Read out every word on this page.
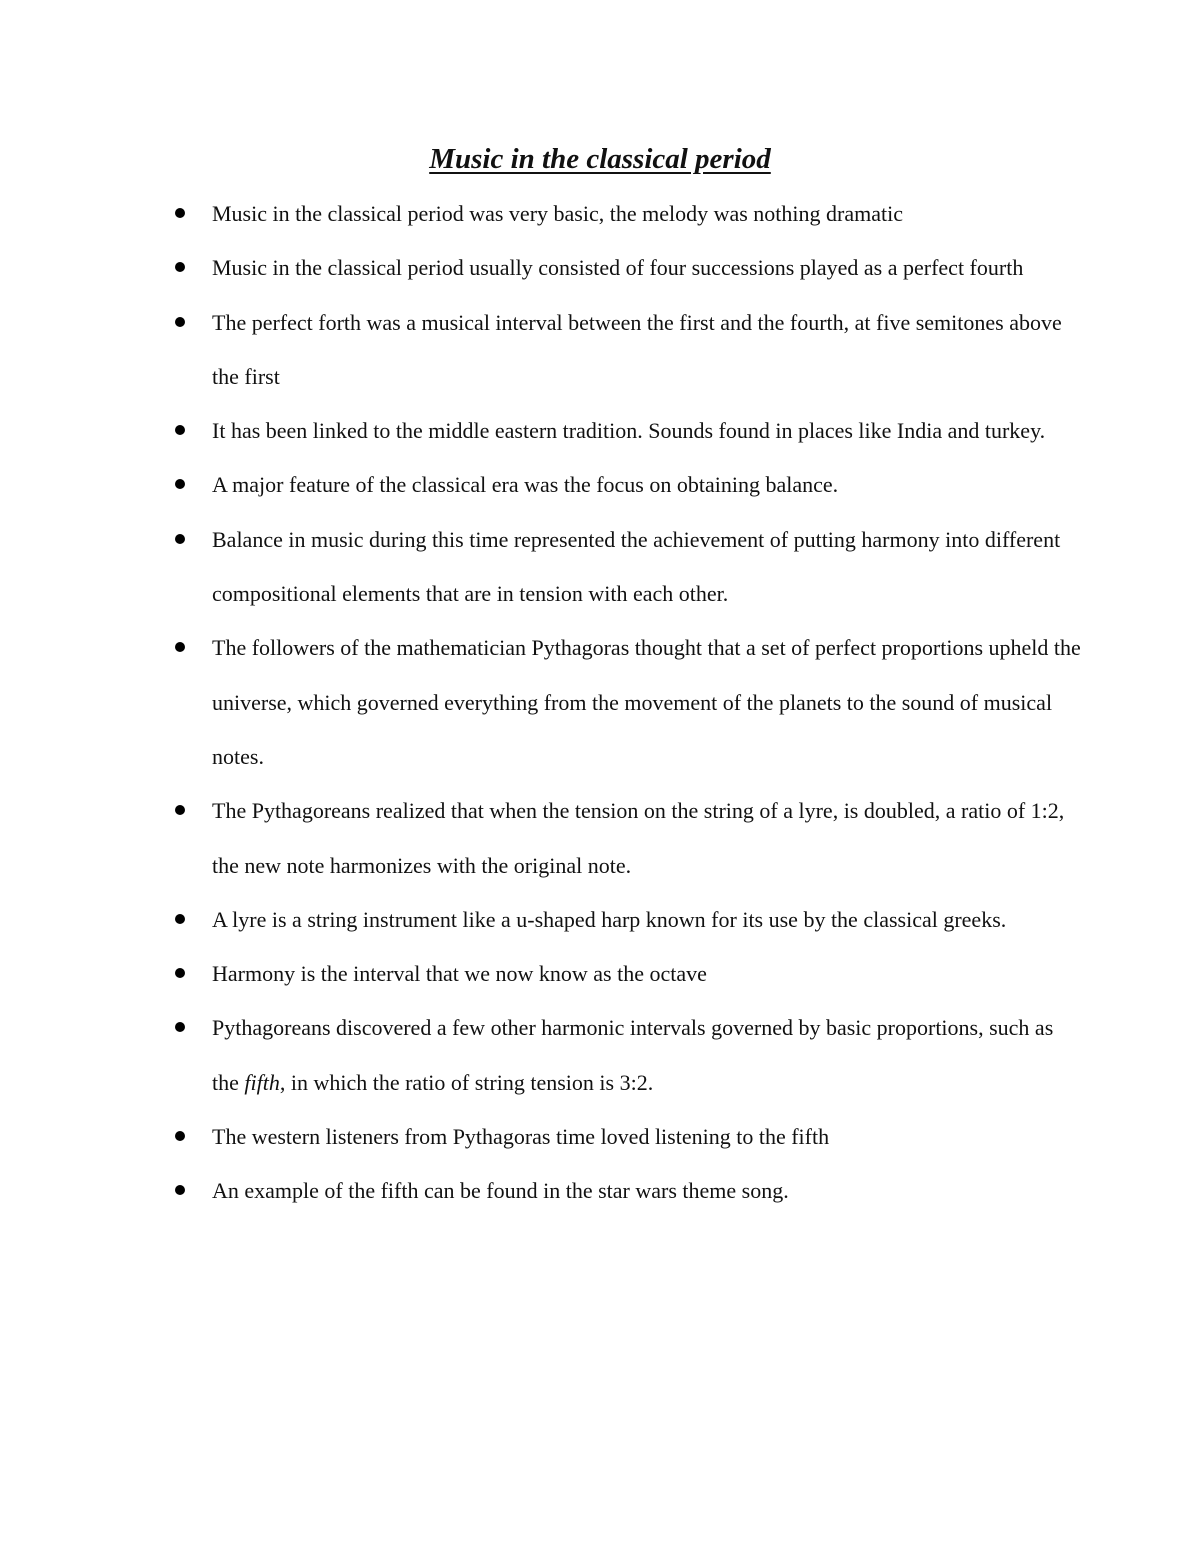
Music in the classical period
Music in the classical period was very basic, the melody was nothing dramatic
Music in the classical period usually consisted of four successions played as a perfect fourth
The perfect forth was a musical interval between the first and the fourth, at five semitones above the first
It has been linked to the middle eastern tradition. Sounds found in places like India and turkey.
A major feature of the classical era was the focus on obtaining balance.
Balance in music during this time represented the achievement of putting harmony into different compositional elements that are in tension with each other.
The followers of the mathematician Pythagoras thought that a set of perfect proportions upheld the universe, which governed everything from the movement of the planets to the sound of musical notes.
The Pythagoreans realized that when the tension on the string of a lyre, is doubled, a ratio of 1:2, the new note harmonizes with the original note.
A lyre is a string instrument like a u-shaped harp known for its use by the classical greeks.
Harmony is the interval that we now know as the octave
Pythagoreans discovered a few other harmonic intervals governed by basic proportions, such as the fifth, in which the ratio of string tension is 3:2.
The western listeners from Pythagoras time loved listening to the fifth
An example of the fifth can be found in the star wars theme song.
